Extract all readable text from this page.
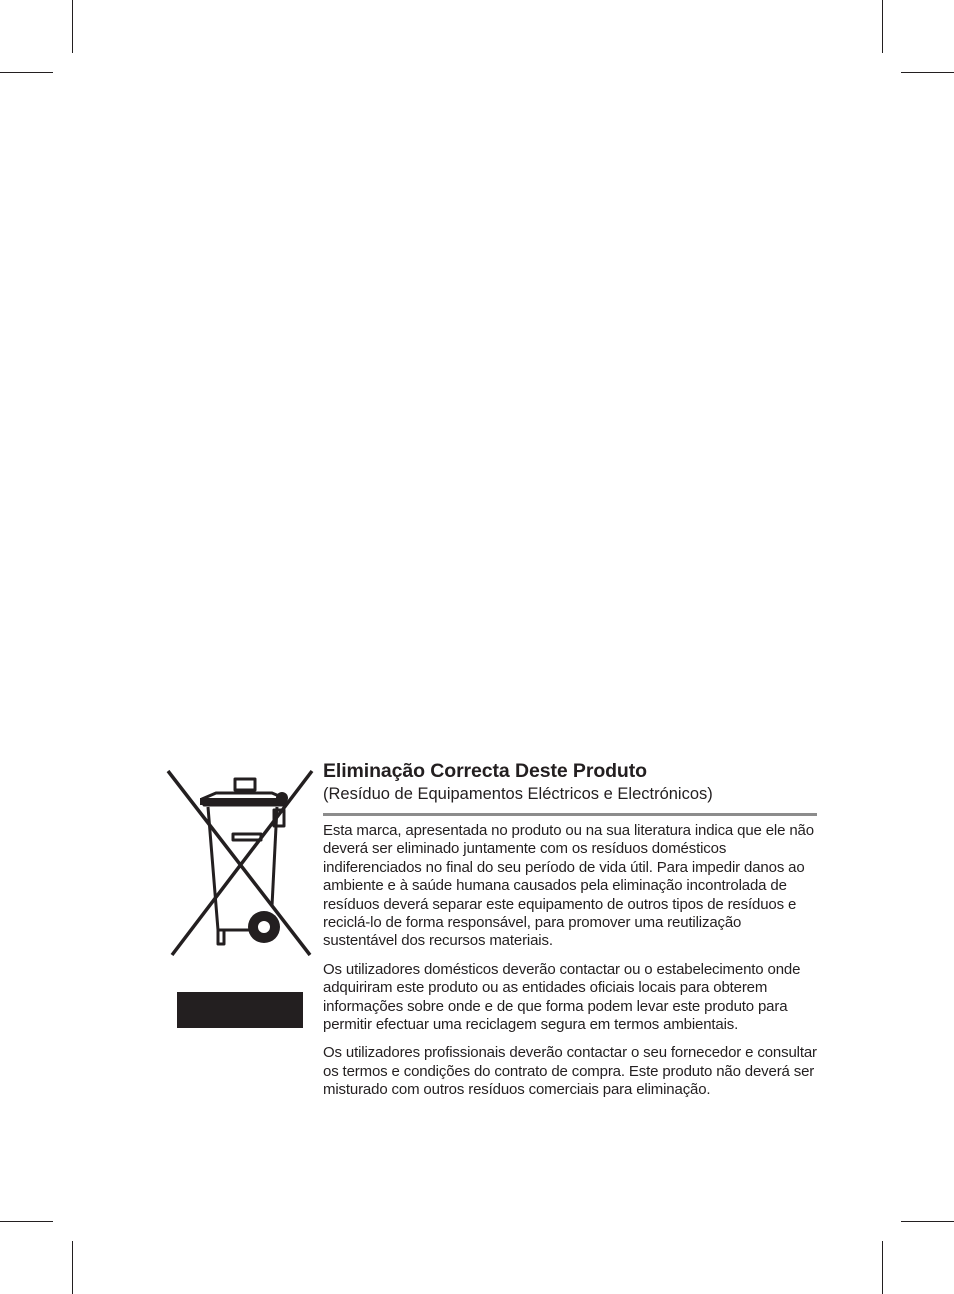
Eliminação Correcta Deste Produto

(Resíduo de Equipamentos Eléctricos e Electrónicos)

Esta marca, apresentada no produto ou na sua literatura indica que ele não deverá ser eliminado juntamente com os resíduos domésticos indiferenciados no final do seu período de vida útil. Para impedir danos ao ambiente e à saúde humana causados pela eliminação incontrolada de resíduos deverá separar este equipamento de outros tipos de resíduos e reciclá-lo de forma responsável, para promover uma reutilização sustentável dos recursos materiais.

Os utilizadores domésticos deverão contactar ou o estabelecimento onde adquiriram este produto ou as entidades oficiais locais para obterem informações sobre onde e de que forma podem levar este produto para permitir efectuar uma reciclagem segura em termos ambientais.

Os utilizadores profissionais deverão contactar o seu fornecedor e consultar os termos e condições do contrato de compra. Este produto não deverá ser misturado com outros resíduos comerciais para eliminação.
